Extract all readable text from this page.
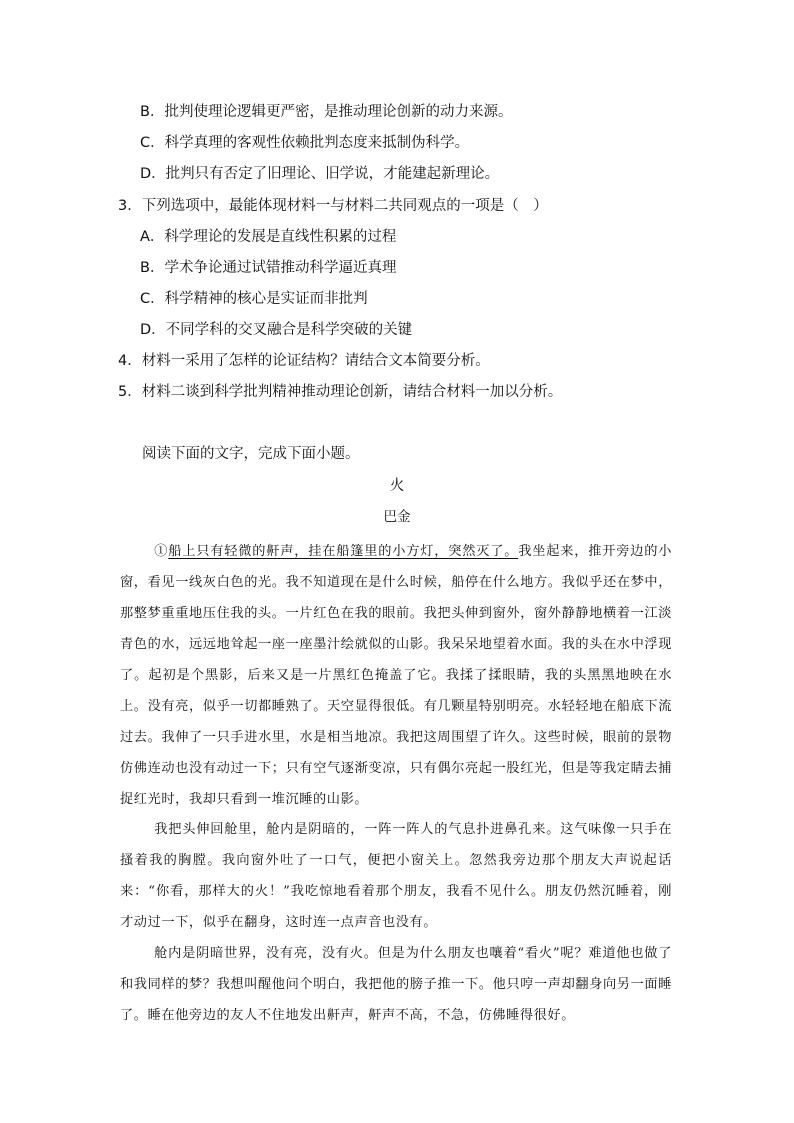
B．批判使理论逻辑更严密，是推动理论创新的动力来源。
C．科学真理的客观性依赖批判态度来抵制伪科学。
D．批判只有否定了旧理论、旧学说，才能建起新理论。
3．下列选项中，最能体现材料一与材料二共同观点的一项是（　）
A．科学理论的发展是直线性积累的过程
B．学术争论通过试错推动科学逼近真理
C．科学精神的核心是实证而非批判
D．不同学科的交叉融合是科学突破的关键
4．材料一采用了怎样的论证结构？请结合文本简要分析。
5．材料二谈到科学批判精神推动理论创新，请结合材料一加以分析。
阅读下面的文字，完成下面小题。
火
巴金

①船上只有轻微的鼾声，挂在船篷里的小方灯，突然灭了。我坐起来，推开旁边的小窗，看见一线灰白色的光。我不知道现在是什么时候，船停在什么地方。我似乎还在梦中，那整梦重重地压住我的头。一片红色在我的眼前。我把头伸到窗外，窗外静静地横着一江淡青色的水，远远地耸起一座一座墨汁绘就似的山影。我呆呆地望着水面。我的头在水中浮现了。起初是个黑影，后来又是一片黑红色掩盖了它。我揉了揉眼睛，我的头黑黑地映在水上。没有亮，似乎一切都睡熟了。天空显得很低。有几颗星特别明亮。水轻轻地在船底下流过去。我伸了一只手进水里，水是相当地凉。我把这周围望了许久。这些时候，眼前的景物仿佛连动也没有动过一下；只有空气逐渐变凉，只有偶尔亮起一股红光，但是等我定睛去捕捉红光时，我却只看到一堆沉睡的山影。

我把头伸回舱里，舱内是阴暗的，一阵一阵人的气息扑进鼻孔来。这气味像一只手在搔着我的胸膛。我向窗外吐了一口气，便把小窗关上。忽然我旁边那个朋友大声说起话来：“你看，那样大的火！”我吃惊地看着那个朋友，我看不见什么。朋友仍然沉睡着，刚才动过一下，似乎在翻身，这时连一点声音也没有。

舱内是阴暗世界，没有亮，没有火。但是为什么朋友也嚷着“看火”呢？难道他也做了和我同样的梦？我想叫醒他问个明白，我把他的膀子推一下。他只哼一声却翻身向另一面睡了。睡在他旁边的友人不住地发出鼾声，鼾声不高，不急，仿佛睡得很好。
